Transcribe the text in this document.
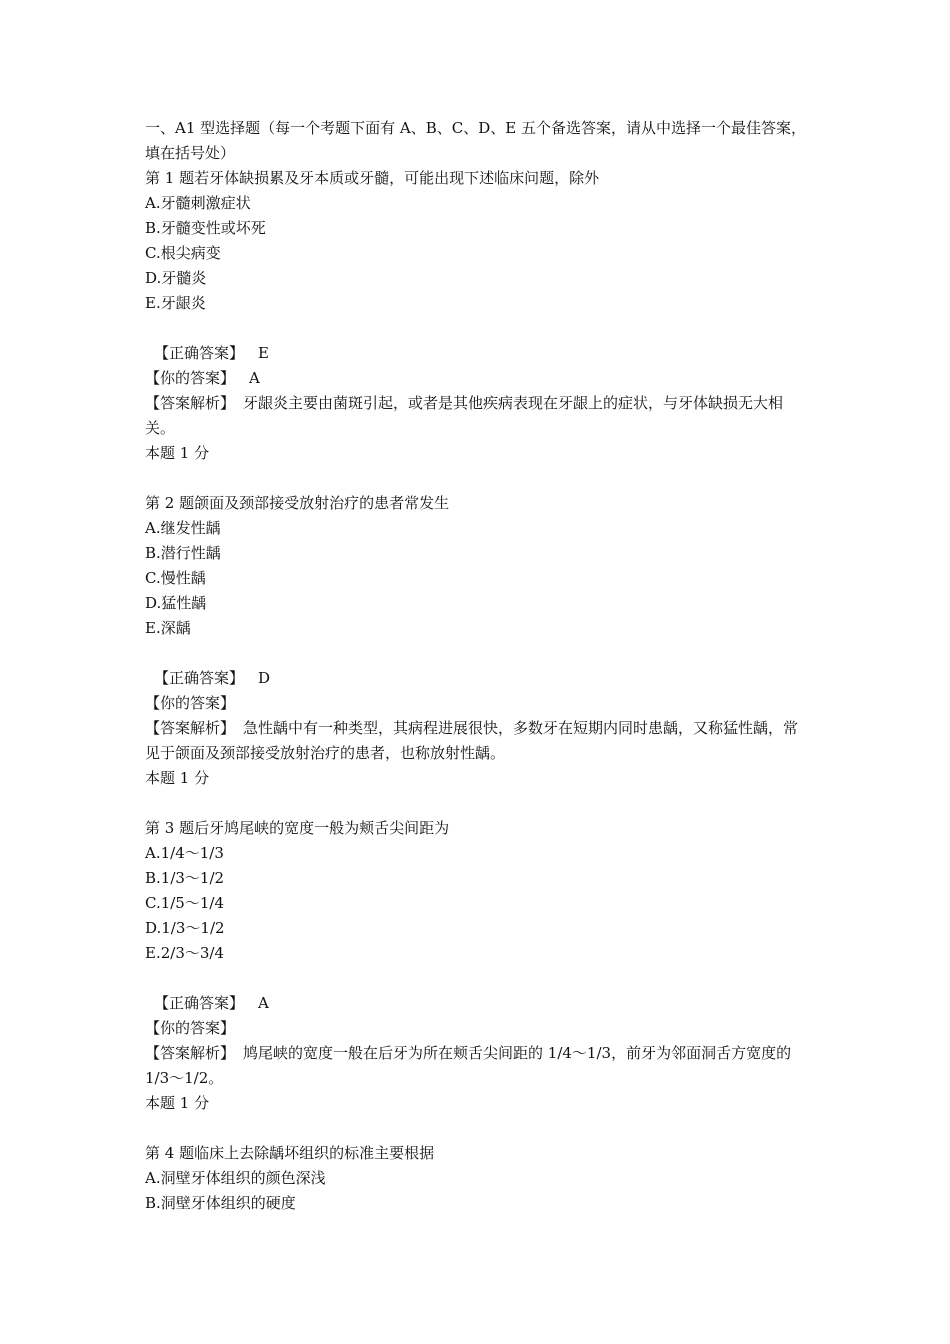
一、A1 型选择题（每一个考题下面有 A、B、C、D、E 五个备选答案，请从中选择一个最佳答案，填在括号处）
第 1 题若牙体缺损累及牙本质或牙髓，可能出现下述临床问题，除外
A.牙髓刺激症状
B.牙髓变性或坏死
C.根尖病变
D.牙髓炎
E.牙龈炎
【正确答案】 E
【你的答案】 A
【答案解析】 牙龈炎主要由菌斑引起，或者是其他疾病表现在牙龈上的症状，与牙体缺损无大相关。
本题 1 分
第 2 题颌面及颈部接受放射治疗的患者常发生
A.继发性龋
B.潜行性龋
C.慢性龋
D.猛性龋
E.深龋
【正确答案】 D
【你的答案】
【答案解析】 急性龋中有一种类型，其病程进展很快，多数牙在短期内同时患龋，又称猛性龋，常见于颌面及颈部接受放射治疗的患者，也称放射性龋。
本题 1 分
第 3 题后牙鸠尾峡的宽度一般为颊舌尖间距为
A.1/4～1/3
B.1/3～1/2
C.1/5～1/4
D.1/3～1/2
E.2/3～3/4
【正确答案】 A
【你的答案】
【答案解析】 鸠尾峡的宽度一般在后牙为所在颊舌尖间距的 1/4～1/3，前牙为邻面洞舌方宽度的 1/3～1/2。
本题 1 分
第 4 题临床上去除龋坏组织的标准主要根据
A.洞壁牙体组织的颜色深浅
B.洞壁牙体组织的硬度
